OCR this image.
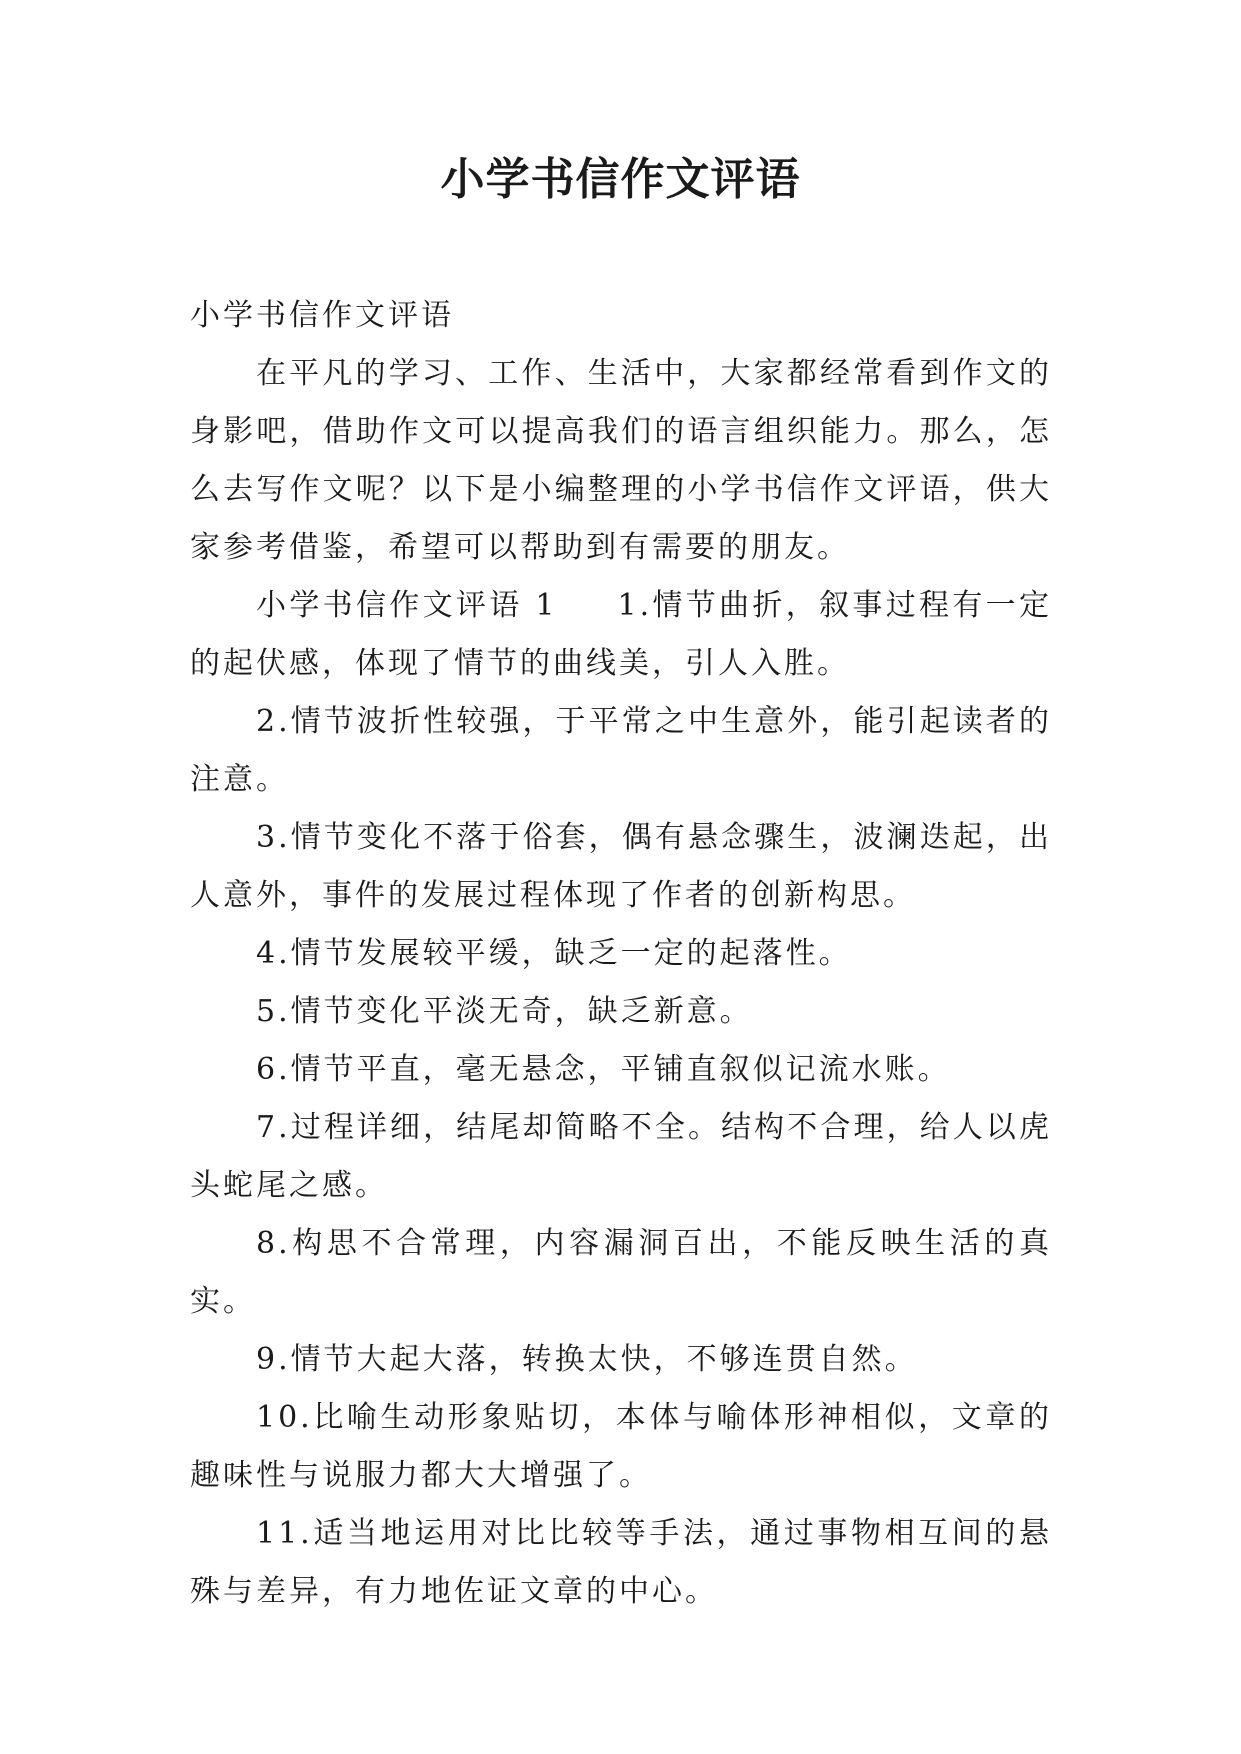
小学书信作文评语

小学书信作文评语

在平凡的学习、工作、生活中，大家都经常看到作文的身影吧，借助作文可以提高我们的语言组织能力。那么，怎么去写作文呢？以下是小编整理的小学书信作文评语，供大家参考借鉴，希望可以帮助到有需要的朋友。

小学书信作文评语 1 1.情节曲折，叙事过程有一定的起伏感，体现了情节的曲线美，引人入胜。

2.情节波折性较强，于平常之中生意外，能引起读者的注意。

3.情节变化不落于俗套，偶有悬念骤生，波澜迭起，出人意外，事件的发展过程体现了作者的创新构思。

4.情节发展较平缓，缺乏一定的起落性。

5.情节变化平淡无奇，缺乏新意。

6.情节平直，毫无悬念，平铺直叙似记流水账。

7.过程详细，结尾却简略不全。结构不合理，给人以虎头蛇尾之感。

8.构思不合常理，内容漏洞百出，不能反映生活的真实。

9.情节大起大落，转换太快，不够连贯自然。

10.比喻生动形象贴切，本体与喻体形神相似，文章的趣味性与说服力都大大增强了。

11.适当地运用对比比较等手法，通过事物相互间的悬殊与差异，有力地佐证文章的中心。
